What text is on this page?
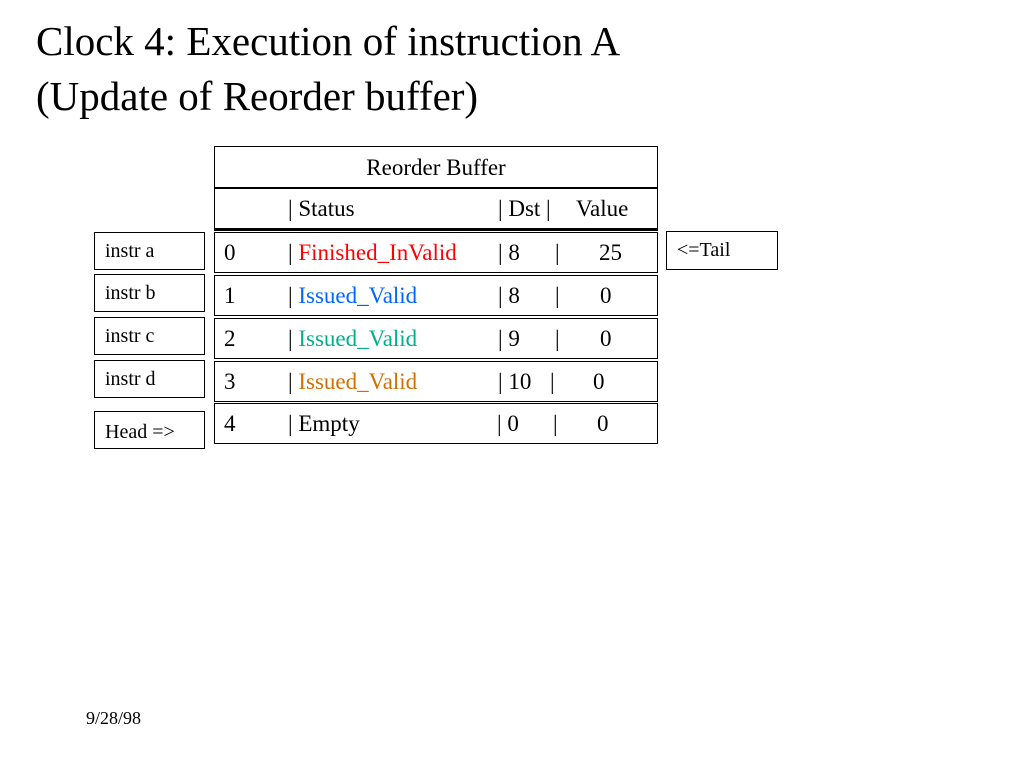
Clock 4: Execution of instruction A
(Update of Reorder buffer)
Reorder Buffer
| Status	| Dst | Value
0 | Finished_InValid | 8 | 25
1 | Issued_Valid	| 8 | 0
2 | Issued_Valid	| 9 | 0
3 | Issued_Valid	| 10 | 0
4 | Empty	| 0 | 0
instr a
instr b
instr c
instr d
Head =>
<=Tail
9/28/98
